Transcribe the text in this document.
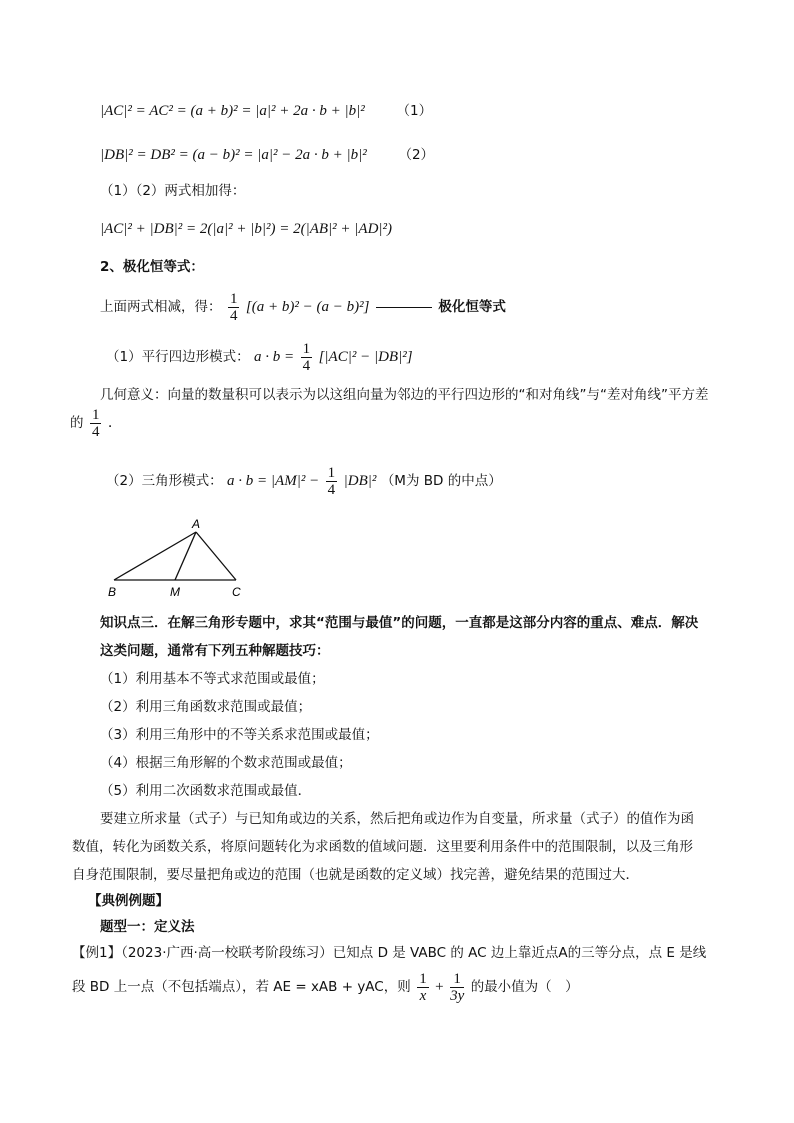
|AC|² = AC² = (a + b)² = |a|² + 2a · b + |b|² （1）
|DB|² = DB² = (a − b)² = |a|² − 2a · b + |b|² （2）
（1）（2）两式相加得：
|AC|² + |DB|² = 2(|a|² + |b|²) = 2(|AB|² + |AD|²)
2、极化恒等式：
上面两式相减，得： $\frac{1}{4} [(a + b)^2 - (a - b)^2]$	极化恒等式
（1）平行四边形模式： $a \cdot b = \frac{1}{4} [|AC|^2 - |DB|^2]$
几何意义：向量的数量积可以表示为以这组向量为邻边的平行四边形的“和对角线”与“差对角线”平方差
的 $\frac{1}{4}$ .
（2）三角形模式： $a \cdot b = |AM|^2 - \frac{1}{4} |DB|^2$ （M为 BD 的中点）
A
B	M	C
知识点三．在解三角形专题中，求其“范围与最值”的问题，一直都是这部分内容的重点、难点．解决
这类问题，通常有下列五种解题技巧：
（1）利用基本不等式求范围或最值；
（2）利用三角函数求范围或最值；
（3）利用三角形中的不等关系求范围或最值；
（4）根据三角形解的个数求范围或最值；
（5）利用二次函数求范围或最值．
要建立所求量（式子）与已知角或边的关系，然后把角或边作为自变量，所求量（式子）的值作为函
数值，转化为函数关系，将原问题转化为求函数的值域问题．这里要利用条件中的范围限制，以及三角形
自身范围限制，要尽量把角或边的范围（也就是函数的定义域）找完善，避免结果的范围过大．
【典例例题】
题型一：定义法
【例1】（2023·广西·高一校联考阶段练习）已知点 D 是 VABC 的 AC 边上靠近点A的三等分点，点 E 是线
段 BD 上一点（不包括端点），若 AE = xAB + yAC，则 $\frac{1}{x} + \frac{1}{3y}$ 的最小值为（　）
